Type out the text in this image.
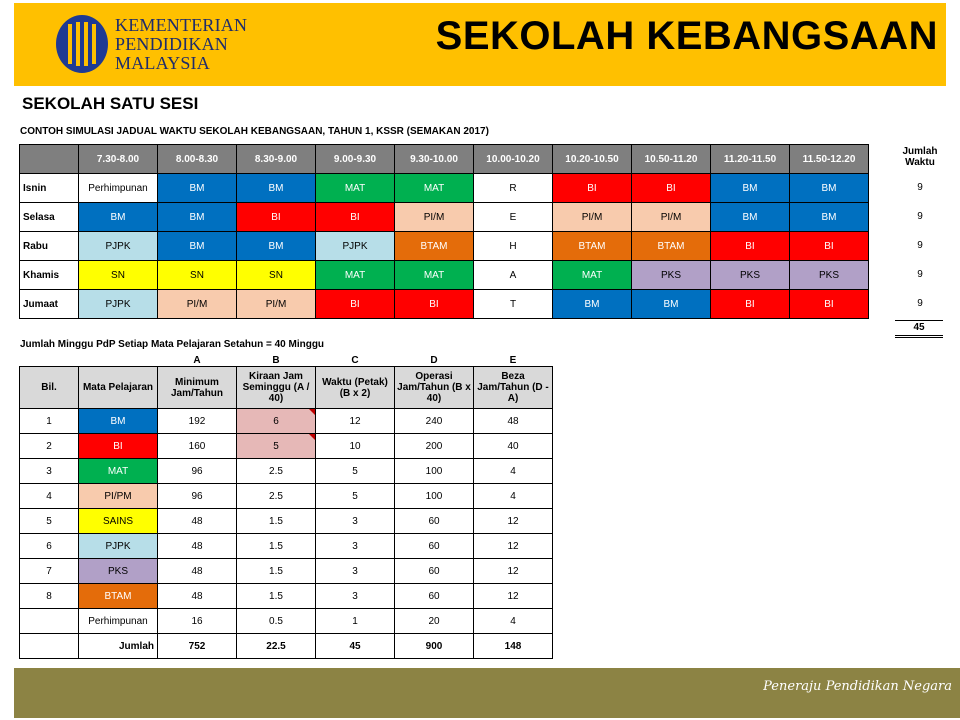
KEMENTERIAN
PENDIDIKAN
MALAYSIA
SEKOLAH KEBANGSAAN
SEKOLAH SATU SESI
CONTOH SIMULASI JADUAL WAKTU SEKOLAH KEBANGSAAN, TAHUN 1, KSSR (SEMAKAN 2017)
	7.30-8.00	8.00-8.30	8.30-9.00	9.00-9.30	9.30-10.00	10.00-10.20	10.20-10.50	10.50-11.20	11.20-11.50	11.50-12.20
Isnin	Perhimpunan	BM	BM	MAT	MAT	R	BI	BI	BM	BM
Selasa	BM	BM	BI	BI	PI/M	E	PI/M	PI/M	BM	BM
Rabu	PJPK	BM	BM	PJPK	BTAM	H	BTAM	BTAM	BI	BI
Khamis	SN	SN	SN	MAT	MAT	A	MAT	PKS	PKS	PKS
Jumaat	PJPK	PI/M	PI/M	BI	BI	T	BM	BM	BI	BI
Jumlah Waktu
9
9
9
9
9
45
Jumlah Minggu PdP Setiap Mata Pelajaran Setahun = 40 Minggu
		A	B	C	D	E
Bil.	Mata Pelajaran	Minimum Jam/Tahun	Kiraan Jam Seminggu (A / 40)	Waktu (Petak) (B x 2)	Operasi Jam/Tahun (B x 40)	Beza Jam/Tahun (D - A)
1	BM	192	6	12	240	48
2	BI	160	5	10	200	40
3	MAT	96	2.5	5	100	4
4	PI/PM	96	2.5	5	100	4
5	SAINS	48	1.5	3	60	12
6	PJPK	48	1.5	3	60	12
7	PKS	48	1.5	3	60	12
8	BTAM	48	1.5	3	60	12
	Perhimpunan	16	0.5	1	20	4
	Jumlah	752	22.5	45	900	148
Peneraju Pendidikan Negara
